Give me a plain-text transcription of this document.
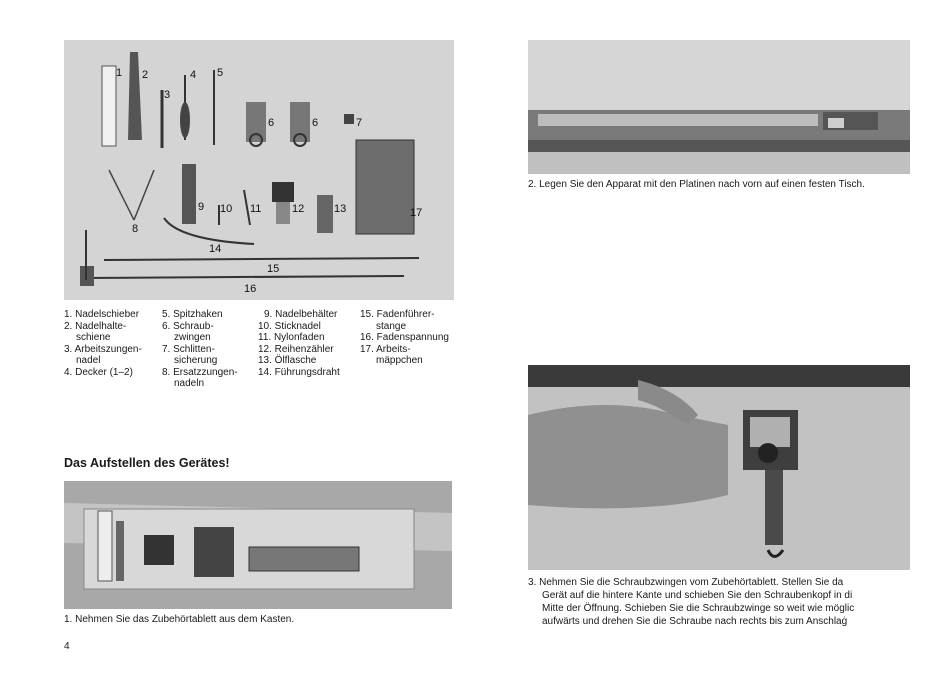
1 2
3
4 5
6	6	7
8
9 10 11	12	13
14
15
16
17
1. Nadelschieber
2. Nadelhalte-
schiene
3. Arbeitszungen-
nadel
4. Decker (1–2)
5. Spitzhaken
6. Schraub-
zwingen
7. Schlitten-
sicherung
8. Ersatzzungen-
nadeln
9. Nadelbehälter
10. Sticknadel
11. Nylonfaden
12. Reihenzähler
13. Ölflasche
14. Führungsdraht
15. Fadenführer-
stange
16. Fadenspannung
17. Arbeits-
mäppchen
Das Aufstellen des Gerätes!
1. Nehmen Sie das Zubehörtablett aus dem Kasten.
2. Legen Sie den Apparat mit den Platinen nach vorn auf einen festen Tisch.
3. Nehmen Sie die Schraubzwingen vom Zubehörtablett. Stellen Sie da
Gerät auf die hintere Kante und schieben Sie den Schraubenkopf in di
Mitte der Öffnung. Schieben Sie die Schraubzwinge so weit wie möglic
aufwärts und drehen Sie die Schraube nach rechts bis zum Anschlaġ
4
